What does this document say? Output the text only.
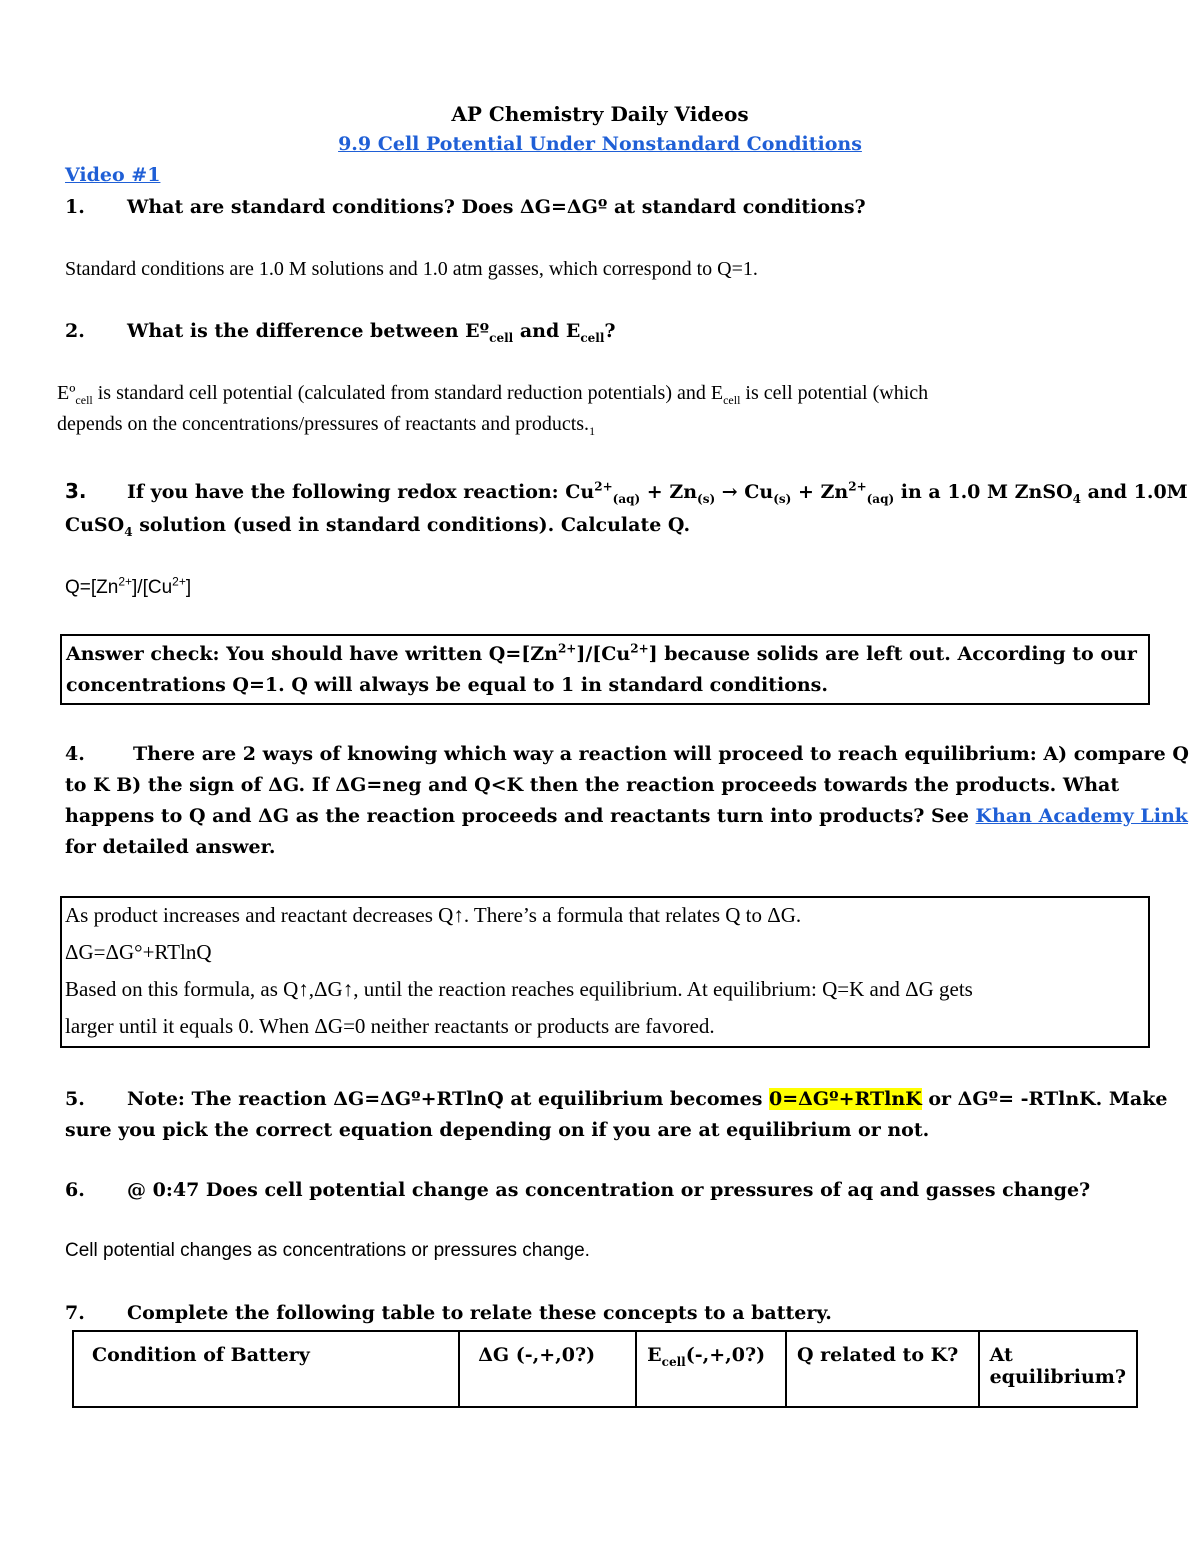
AP Chemistry Daily Videos
9.9 Cell Potential Under Nonstandard Conditions
Video #1
1. What are standard conditions? Does ΔG=ΔGº at standard conditions?
Standard conditions are 1.0 M solutions and 1.0 atm gasses, which correspond to Q=1.
2. What is the difference between Eº$_{cell}$ and $E_{cell}$?
Eº$_{cell}$ is standard cell potential (calculated from standard reduction potentials) and $E_{cell}$ is cell potential (which
depends on the concentrations/pressures of reactants and $products._1$
3. If you have the following redox reaction: $Cu^{2+}_{(aq)} + Zn_{(s)} \to Cu_{(s)} + Zn^{2+}_{(aq)}$ in a 1.0 M ZnSO$_4$ and 1.0M
CuSO$_4$ solution (used in standard conditions). Calculate Q.
$Q=[Zn^{2+}]/[Cu^{2+}]$
Answer check: You should have written $Q=[Zn^{2+}]/[Cu^{2+}]$ because solids are left out. According to our
concentrations Q=1. Q will always be equal to 1 in standard conditions.
4.	There are 2 ways of knowing which way a reaction will proceed to reach equilibrium: A) compare Q
to K B) the sign of ΔG. If ΔG=neg and Q<K then the reaction proceeds towards the products. What
happens to Q and ΔG as the reaction proceeds and reactants turn into products? See Khan Academy Link
for detailed answer.
As product increases and reactant decreases Q↑. There’s a formula that relates Q to ΔG.
ΔG=ΔG°+RTlnQ
Based on this formula, as Q↑,ΔG↑, until the reaction reaches equilibrium. At equilibrium: Q=K and ΔG gets
larger until it equals 0. When ΔG=0 neither reactants or products are favored.
5. Note: The reaction ΔG=ΔGº+RTlnQ at equilibrium becomes 0=ΔGº+RTlnK or ΔGº= -RTlnK. Make
sure you pick the correct equation depending on if you are at equilibrium or not.
6. @ 0:47 Does cell potential change as concentration or pressures of aq and gasses change?
Cell potential changes as concentrations or pressures change.
7. Complete the following table to relate these concepts to a battery.
Condition of Battery	ΔG (-,+,0?)	$E_{cell}(-,+,0?)$	Q related to K?	At
equilibrium?
